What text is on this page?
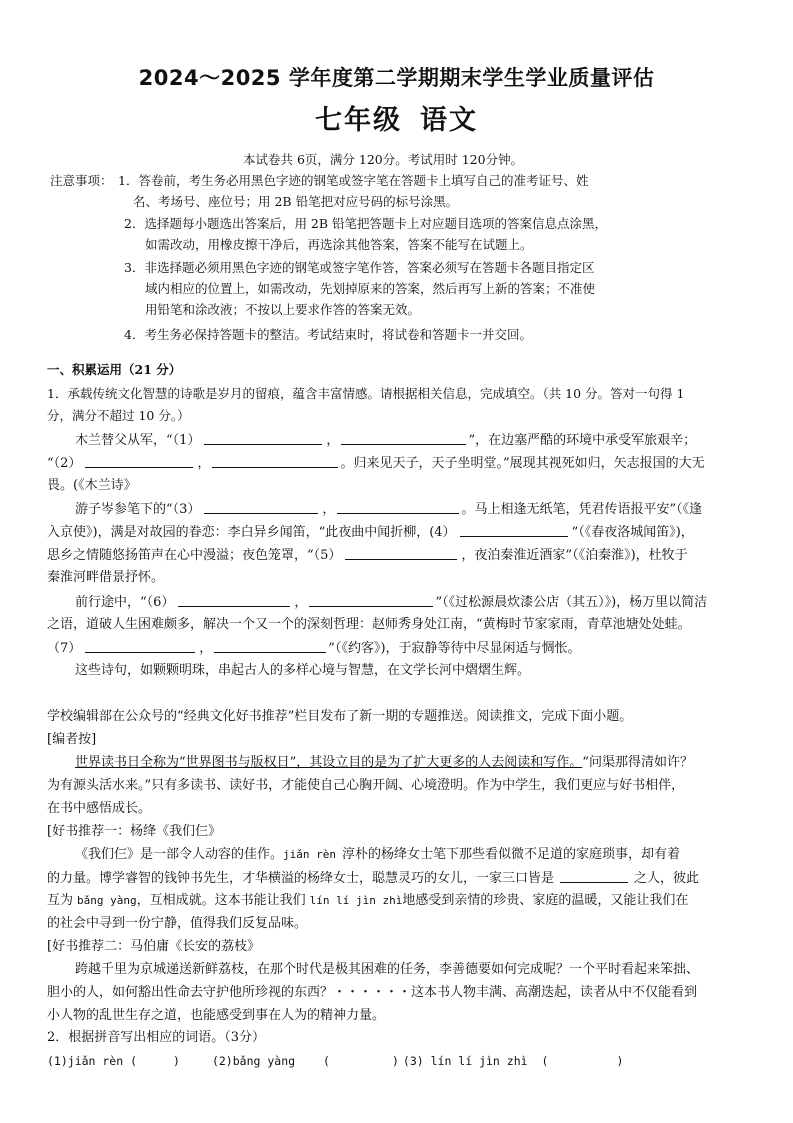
2024～2025 学年度第二学期期末学生学业质量评估
七年级 语文
本试卷共 6页，满分 120分。考试用时 120分钟。
注意事项： 1．答卷前，考生务必用黑色字迹的钢笔或签字笔在答题卡上填写自己的准考证号、姓
名、考场号、座位号；用 2B 铅笔把对应号码的标号涂黑。
2．选择题每小题选出答案后，用 2B 铅笔把答题卡上对应题目选项的答案信息点涂黑，
如需改动，用橡皮擦干净后，再选涂其他答案，答案不能写在试题上。
3．非选择题必须用黑色字迹的钢笔或签字笔作答，答案必须写在答题卡各题目指定区
域内相应的位置上，如需改动，先划掉原来的答案，然后再写上新的答案；不准使
用铅笔和涂改液；不按以上要求作答的答案无效。
4．考生务必保持答题卡的整洁。考试结束时，将试卷和答题卡一并交回。
一、积累运用（21 分）
1．承载传统文化智慧的诗歌是岁月的留痕，蕴含丰富情感。请根据相关信息，完成填空。（共 10 分。答对一句得 1
分，满分不超过 10 分。）
木兰替父从军，“（1）	，	”，在边塞严酷的环境中承受军旅艰辛；
“（2）	，	。归来见天子，天子坐明堂。”展现其视死如归，矢志报国的大无
畏。(《木兰诗》
游子岑参笔下的“（3）	，	。马上相逢无纸笔，凭君传语报平安”（《逢
入京使》)，满是对故园的眷恋：李白异乡闻笛，“此夜曲中闻折柳，(4）	”（《春夜洛城闻笛》)，
思乡之情随悠扬笛声在心中漫溢；夜色笼罩，“（5）	，夜泊秦淮近酒家”（《泊秦淮》)，杜牧于
秦淮河畔借景抒怀。
前行途中，“（6）	，	”（《过松源晨炊漆公店（其五）》)，杨万里以简洁
之语，道破人生困难颇多，解决一个又一个的深刻哲理：赵师秀身处江南，“黄梅时节家家雨，青草池塘处处蛙。
（7）	，	”（《约客》)，于寂静等待中尽显闲适与惆怅。
这些诗句，如颗颗明珠，串起古人的多样心境与智慧，在文学长河中熠熠生辉。
学校编辑部在公众号的“经典文化好书推荐”栏目发布了新一期的专题推送。阅读推文，完成下面小题。
[编者按]
世界读书日全称为“世界图书与版权日”，其设立目的是为了扩大更多的人去阅读和写作。“问渠那得清如许？
为有源头活水来。”只有多读书、读好书，才能使自己心胸开阔、心境澄明。作为中学生，我们更应与好书相伴，
在书中感悟成长。
[好书推荐一：杨绛《我们仨》
《我们仨》是一部令人动容的佳作。jiǎn rèn 淳朴的杨绛女士笔下那些看似微不足道的家庭琐事，却有着
的力量。博学睿智的钱钟书先生，才华横溢的杨绛女士，聪慧灵巧的女儿，一家三口皆是	之人，彼此
互为 bǎng yàng，互相成就。这本书能让我们 lín lí jìn zhì地感受到亲情的珍贵、家庭的温暖，又能让我们在
的社会中寻到一份宁静，值得我们反复品味。
[好书推荐二：马伯庸《长安的荔枝》
跨越千里为京城递送新鲜荔枝，在那个时代是极其困难的任务，李善德要如何完成呢？一个平时看起来笨拙、
胆小的人，如何豁出性命去守护他所珍视的东西？・・・・・・这本书人物丰满、高潮迭起，读者从中不仅能看到
小人物的乱世生存之道，也能感受到事在人为的精神力量。
2．根据拼音写出相应的词语。（3分）
(1)jiǎn rèn (	)	(2)bǎng yàng (	) (3) lín lí jìn zhì (	)
